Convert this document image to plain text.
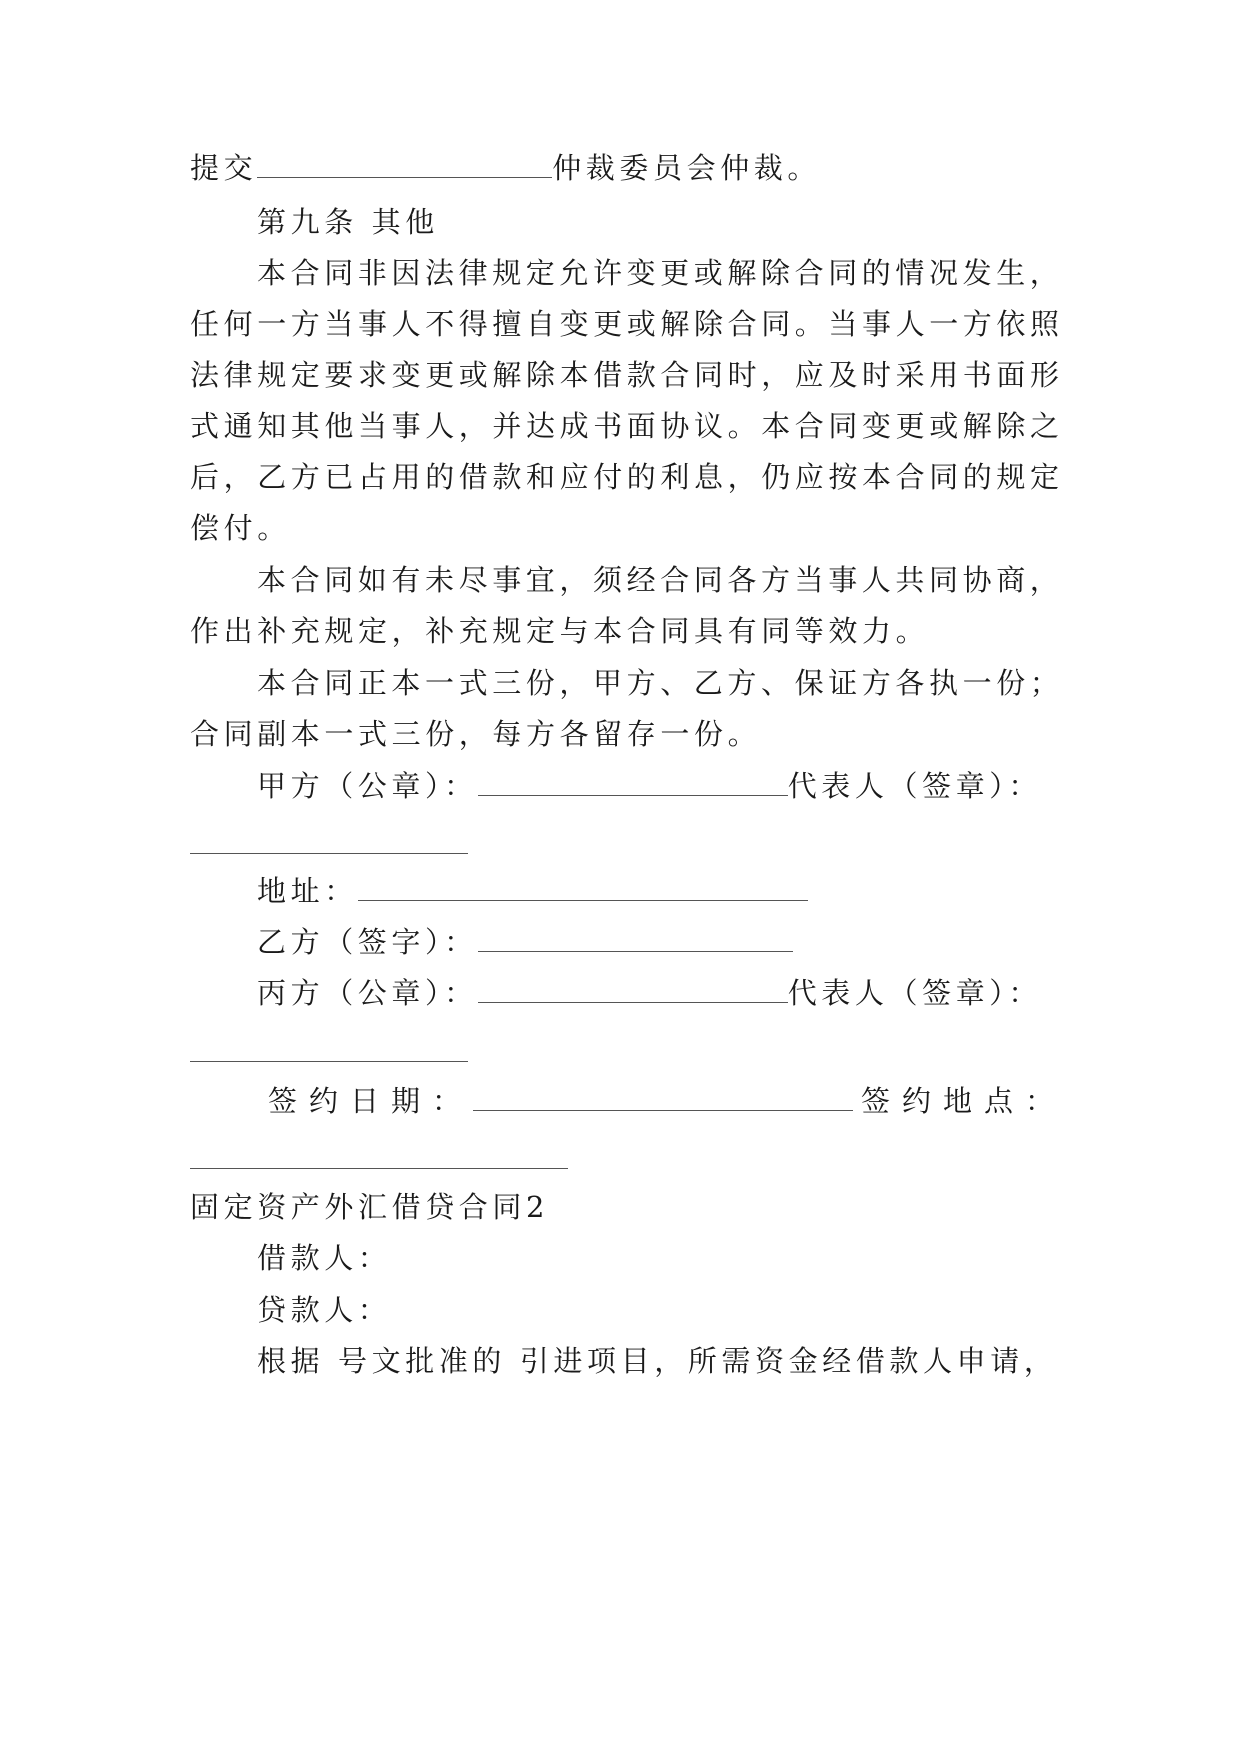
提交	仲裁委员会仲裁。
第九条 其他
本合同非因法律规定允许变更或解除合同的情况发生，
任何一方当事人不得擅自变更或解除合同。当事人一方依照
法律规定要求变更或解除本借款合同时，应及时采用书面形
式通知其他当事人，并达成书面协议。本合同变更或解除之
后，乙方已占用的借款和应付的利息，仍应按本合同的规定
偿付。
本合同如有未尽事宜，须经合同各方当事人共同协商，
作出补充规定，补充规定与本合同具有同等效力。
本合同正本一式三份，甲方、乙方、保证方各执一份；
合同副本一式三份，每方各留存一份。
甲方（公章）：	代表人（签章）：
地址：
乙方（签字）：
丙方（公章）：	代表人（签章）：
签约日期：	签约地点：
固定资产外汇借贷合同2
借款人：
贷款人：
根据 号文批准的 引进项目，所需资金经借款人申请，
